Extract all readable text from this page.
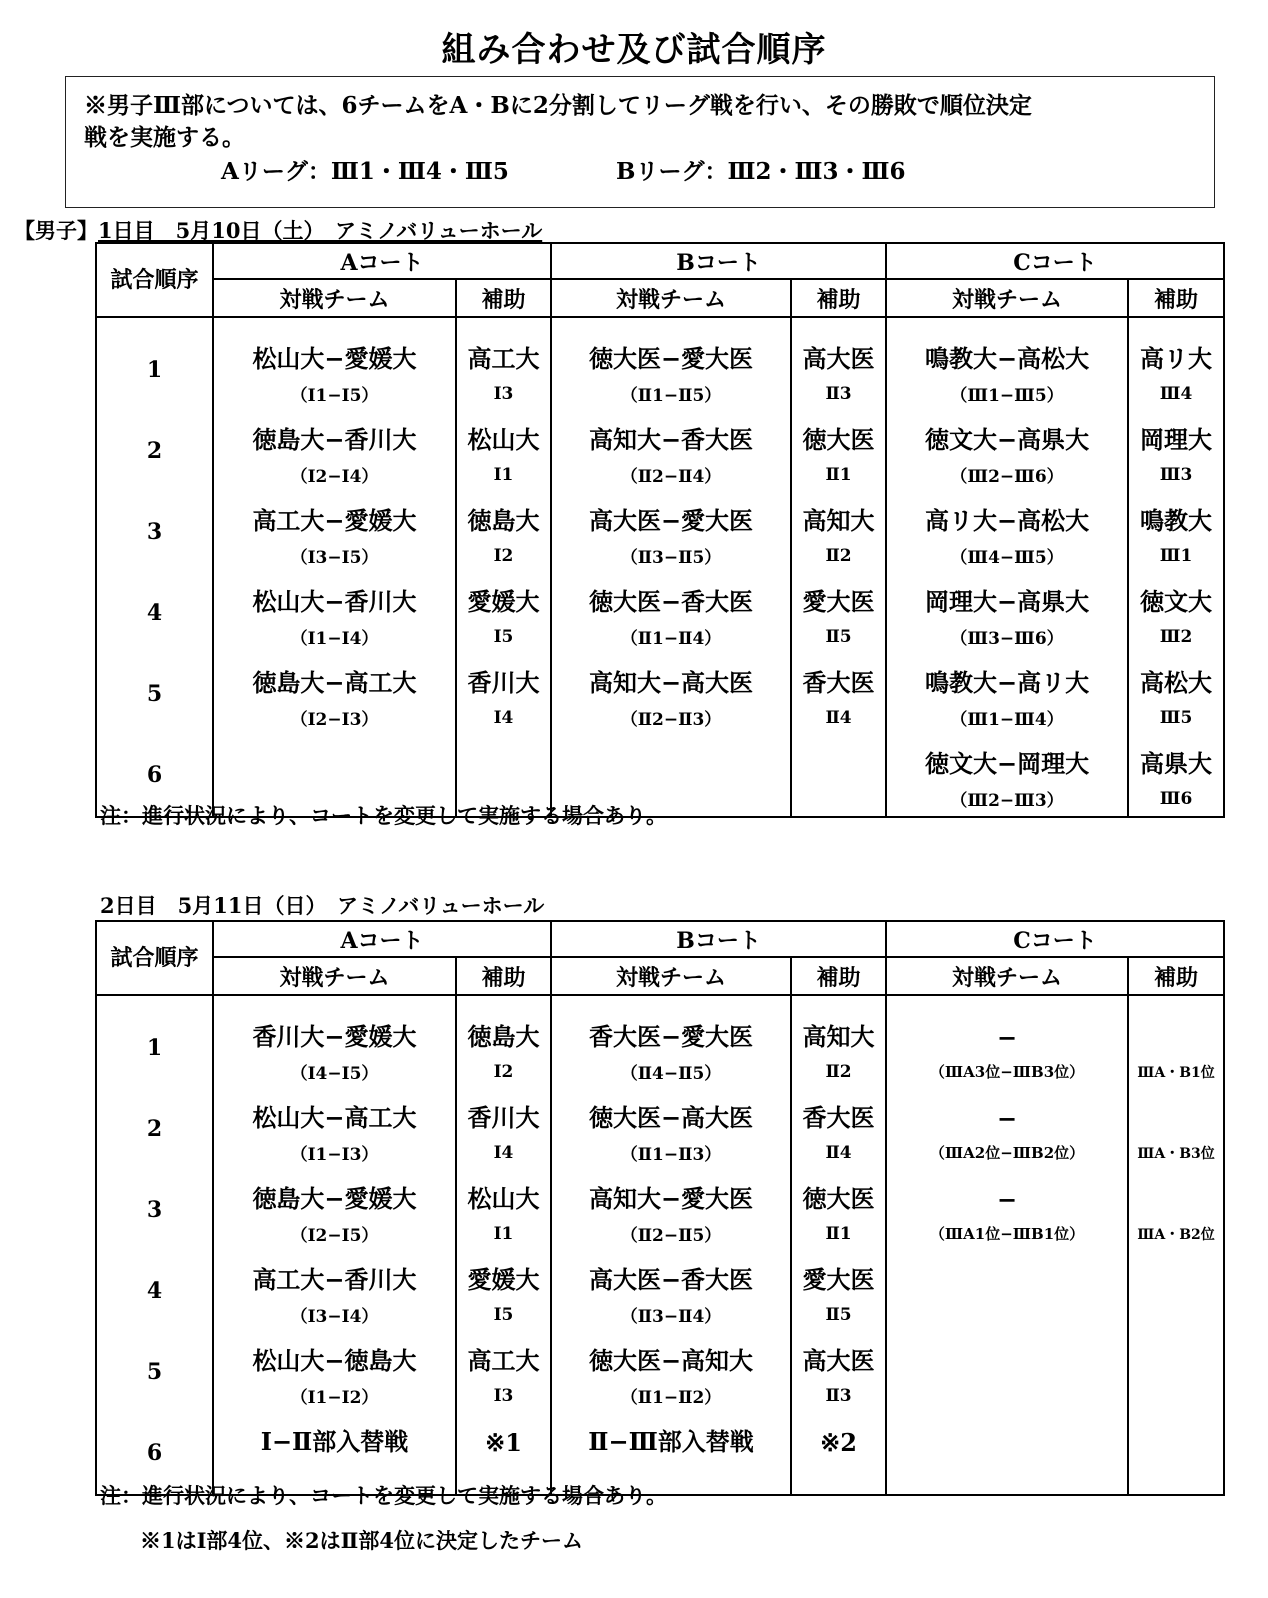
組み合わせ及び試合順序
※男子Ⅲ部については、6チームをA・Bに2分割してリーグ戦を行い、その勝敗で順位決定
戦を実施する。
Aリーグ：Ⅲ1・Ⅲ4・Ⅲ5	Bリーグ：Ⅲ2・Ⅲ3・Ⅲ6
【男子】1日目　5月10日（土）　アミノバリューホール
試合順序	Aコート		Bコート		Cコート	
	対戦チーム	補助	対戦チーム	補助	対戦チーム	補助

1	松山大−愛媛大	高工大	徳大医−愛大医	高大医	鳴教大−高松大	高リ大
	（Ⅰ1−Ⅰ5）	Ⅰ3	（Ⅱ1−Ⅱ5）	Ⅱ3	（Ⅲ1−Ⅲ5）	Ⅲ4
2	徳島大−香川大	松山大	高知大−香大医	徳大医	徳文大−高県大	岡理大
	（Ⅰ2−Ⅰ4）	Ⅰ1	（Ⅱ2−Ⅱ4）	Ⅱ1	（Ⅲ2−Ⅲ6）	Ⅲ3
3	高工大−愛媛大	徳島大	高大医−愛大医	高知大	高リ大−高松大	鳴教大
	（Ⅰ3−Ⅰ5）	Ⅰ2	（Ⅱ3−Ⅱ5）	Ⅱ2	（Ⅲ4−Ⅲ5）	Ⅲ1
4	松山大−香川大	愛媛大	徳大医−香大医	愛大医	岡理大−高県大	徳文大
	（Ⅰ1−Ⅰ4）	Ⅰ5	（Ⅱ1−Ⅱ4）	Ⅱ5	（Ⅲ3−Ⅲ6）	Ⅲ2
5	徳島大−高工大	香川大	高知大−高大医	香大医	鳴教大−高リ大	高松大
	（Ⅰ2−Ⅰ3）	Ⅰ4	（Ⅱ2−Ⅱ3）	Ⅱ4	（Ⅲ1−Ⅲ4）	Ⅲ5
6					徳文大−岡理大	高県大
					（Ⅲ2−Ⅲ3）	Ⅲ6
注：進行状況により、コートを変更して実施する場合あり。
2日目　5月11日（日）　アミノバリューホール
試合順序	Aコート		Bコート		Cコート	
	対戦チーム	補助	対戦チーム	補助	対戦チーム	補助

1	香川大−愛媛大	徳島大	香大医−愛大医	高知大	−	
	（Ⅰ4−Ⅰ5）	Ⅰ2	（Ⅱ4−Ⅱ5）	Ⅱ2	（ⅢA3位−ⅢB3位）	ⅢA・B1位
2	松山大−高工大	香川大	徳大医−高大医	香大医	−	
	（Ⅰ1−Ⅰ3）	Ⅰ4	（Ⅱ1−Ⅱ3）	Ⅱ4	（ⅢA2位−ⅢB2位）	ⅢA・B3位
3	徳島大−愛媛大	松山大	高知大−愛大医	徳大医	−	
	（Ⅰ2−Ⅰ5）	Ⅰ1	（Ⅱ2−Ⅱ5）	Ⅱ1	（ⅢA1位−ⅢB1位）	ⅢA・B2位
4	高工大−香川大	愛媛大	高大医−香大医	愛大医		
	（Ⅰ3−Ⅰ4）	Ⅰ5	（Ⅱ3−Ⅱ4）	Ⅱ5		
5	松山大−徳島大	高工大	徳大医−高知大	高大医		
	（Ⅰ1−Ⅰ2）	Ⅰ3	（Ⅱ1−Ⅱ2）	Ⅱ3		
6	Ⅰ−Ⅱ部入替戦	※1	Ⅱ−Ⅲ部入替戦	※2		

注：進行状況により、コートを変更して実施する場合あり。
※1はⅠ部4位、※2はⅡ部4位に決定したチーム
